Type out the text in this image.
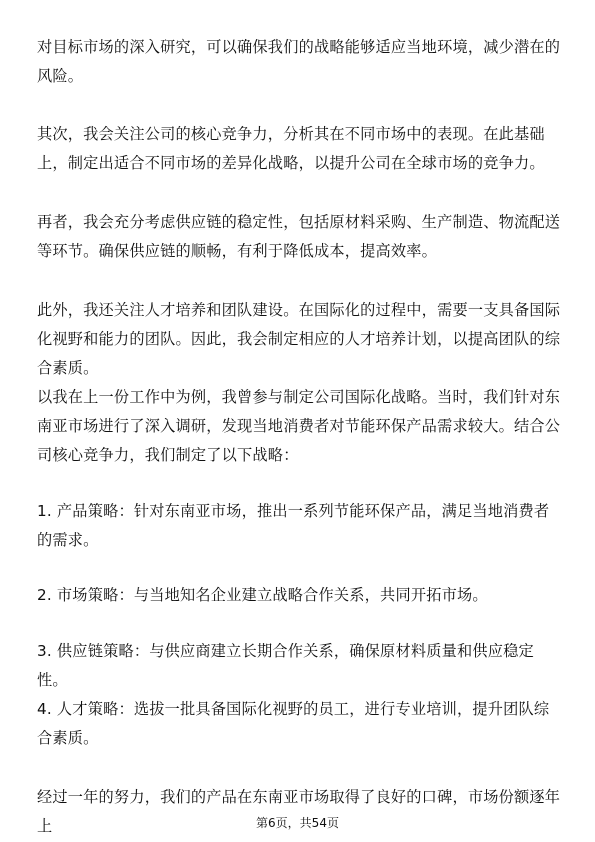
对目标市场的深入研究，可以确保我们的战略能够适应当地环境，减少潜在的风险。

其次，我会关注公司的核心竞争力，分析其在不同市场中的表现。在此基础上，制定出适合不同市场的差异化战略，以提升公司在全球市场的竞争力。

再者，我会充分考虑供应链的稳定性，包括原材料采购、生产制造、物流配送等环节。确保供应链的顺畅，有利于降低成本，提高效率。

此外，我还关注人才培养和团队建设。在国际化的过程中，需要一支具备国际化视野和能力的团队。因此，我会制定相应的人才培养计划，以提高团队的综合素质。

以我在上一份工作中为例，我曾参与制定公司国际化战略。当时，我们针对东南亚市场进行了深入调研，发现当地消费者对节能环保产品需求较大。结合公司核心竞争力，我们制定了以下战略：

1. 产品策略：针对东南亚市场，推出一系列节能环保产品，满足当地消费者的需求。

2. 市场策略：与当地知名企业建立战略合作关系，共同开拓市场。

3. 供应链策略：与供应商建立长期合作关系，确保原材料质量和供应稳定性。

4. 人才策略：选拔一批具备国际化视野的员工，进行专业培训，提升团队综合素质。

经过一年的努力，我们的产品在东南亚市场取得了良好的口碑，市场份额逐年上	第6页，共54页
